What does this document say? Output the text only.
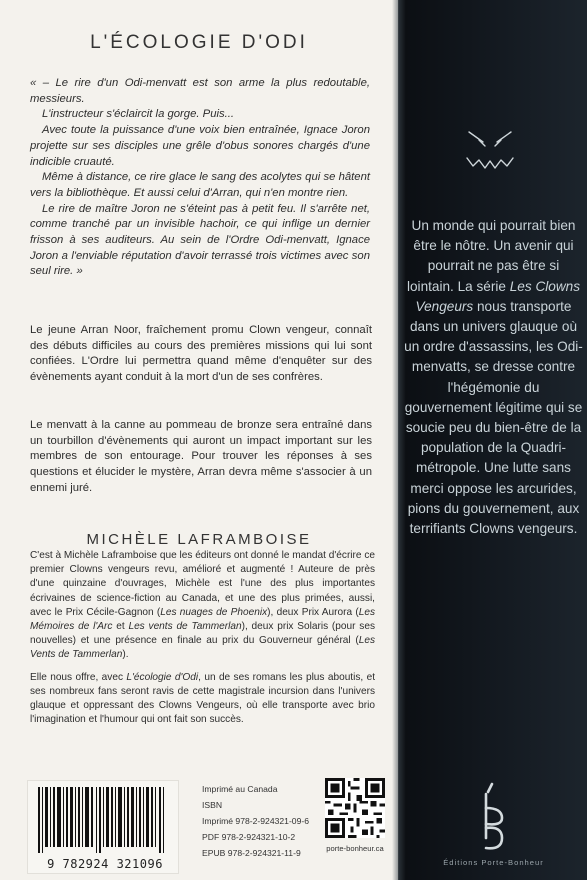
L'ÉCOLOGIE D'ODI

« – Le rire d'un Odi-menvatt est son arme la plus redoutable, messieurs.

L'instructeur s'éclaircit la gorge. Puis...

Avec toute la puissance d'une voix bien entraînée, Ignace Joron projette sur ses disciples une grêle d'obus sonores chargés d'une indicible cruauté.

Même à distance, ce rire glace le sang des acolytes qui se hâtent vers la bibliothèque. Et aussi celui d'Arran, qui n'en montre rien.

Le rire de maître Joron ne s'éteint pas à petit feu. Il s'arrête net, comme tranché par un invisible hachoir, ce qui inflige un dernier frisson à ses auditeurs. Au sein de l'Ordre Odi-menvatt, Ignace Joron a l'enviable réputation d'avoir terrassé trois victimes avec son seul rire. »

Le jeune Arran Noor, fraîchement promu Clown vengeur, connaît des débuts difficiles au cours des premières missions qui lui sont confiées. L'Ordre lui permettra quand même d'enquêter sur des évènements ayant conduit à la mort d'un de ses confrères.

Le menvatt à la canne au pommeau de bronze sera entraîné dans un tourbillon d'évènements qui auront un impact important sur les membres de son entourage. Pour trouver les réponses à ses questions et élucider le mystère, Arran devra même s'associer à un ennemi juré.

MICHÈLE LAFRAMBOISE

C'est à Michèle Laframboise que les éditeurs ont donné le mandat d'écrire ce premier Clowns vengeurs revu, amélioré et augmenté ! Auteure de près d'une quinzaine d'ouvrages, Michèle est l'une des plus importantes écrivaines de science-fiction au Canada, et une des plus primées, aussi, avec le Prix Cécile-Gagnon (Les nuages de Phoenix), deux Prix Aurora (Les Mémoires de l'Arc et Les vents de Tammerlan), deux prix Solaris (pour ses nouvelles) et une présence en finale au prix du Gouverneur général (Les Vents de Tammerlan).

Elle nous offre, avec L'écologie d'Odi, un de ses romans les plus aboutis, et ses nombreux fans seront ravis de cette magistrale incursion dans l'univers glauque et oppressant des Clowns Vengeurs, où elle transporte avec brio l'imagination et l'humour qui ont fait son succès.

9 782924 321096
Imprimé au Canada
ISBN
Imprimé 978-2-924321-09-6
PDF 978-2-924321-10-2
EPUB 978-2-924321-11-9	porte-bonheur.ca
Un monde qui pourrait bien être le nôtre. Un avenir qui pourrait ne pas être si lointain. La série Les Clowns Vengeurs nous transporte dans un univers glauque où un ordre d'assassins, les Odi-menvatts, se dresse contre l'hégémonie du gouvernement légitime qui se soucie peu du bien-être de la population de la Quadri-métropole. Une lutte sans merci oppose les arcurides, pions du gouvernement, aux terrifiants Clowns vengeurs.
Éditions Porte-Bonheur
